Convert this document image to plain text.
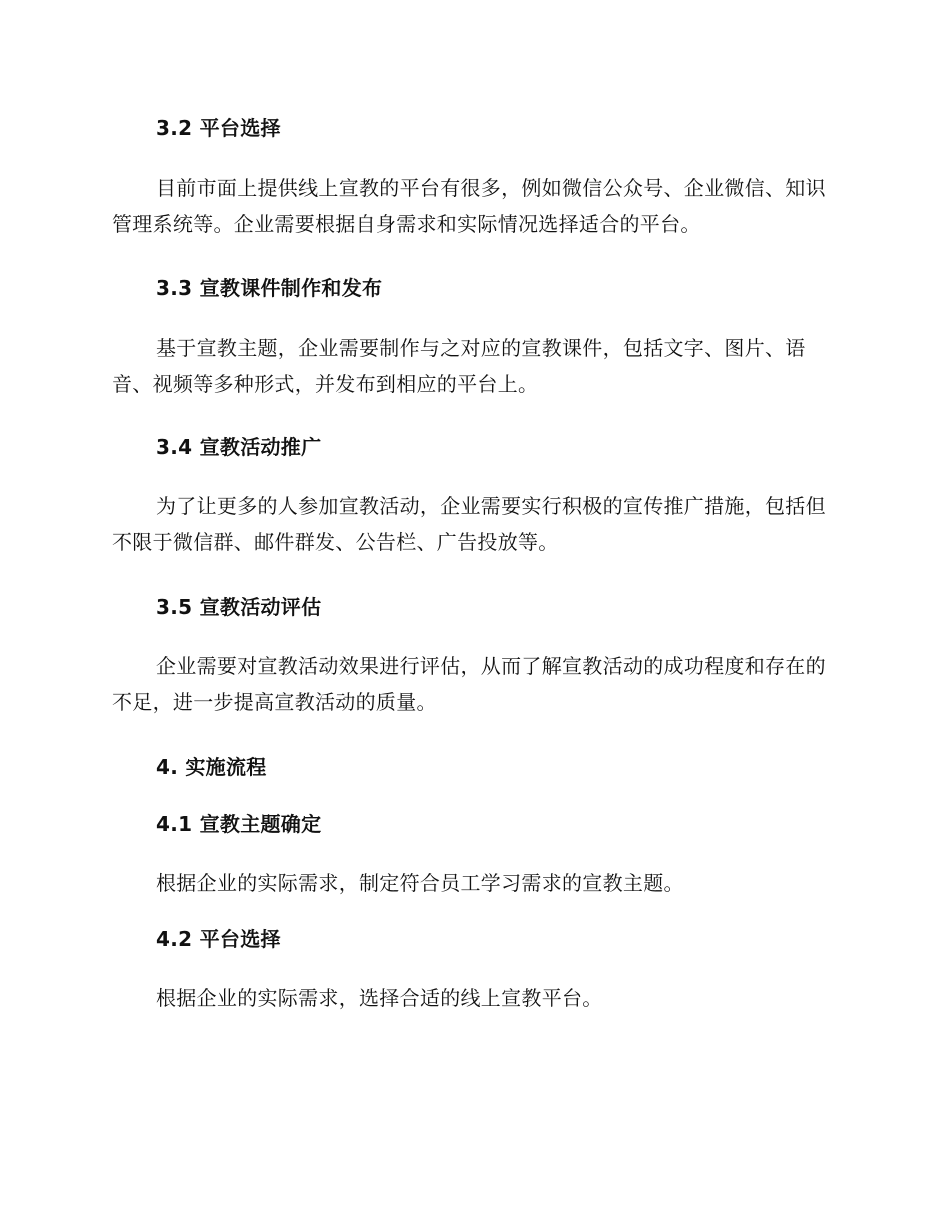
3.2 平台选择
目前市面上提供线上宣教的平台有很多，例如微信公众号、企业微信、知识管理系统等。企业需要根据自身需求和实际情况选择适合的平台。
3.3 宣教课件制作和发布
基于宣教主题，企业需要制作与之对应的宣教课件，包括文字、图片、语音、视频等多种形式，并发布到相应的平台上。
3.4 宣教活动推广
为了让更多的人参加宣教活动，企业需要实行积极的宣传推广措施，包括但不限于微信群、邮件群发、公告栏、广告投放等。
3.5 宣教活动评估
企业需要对宣教活动效果进行评估，从而了解宣教活动的成功程度和存在的不足，进一步提高宣教活动的质量。
4. 实施流程
4.1 宣教主题确定
根据企业的实际需求，制定符合员工学习需求的宣教主题。
4.2 平台选择
根据企业的实际需求，选择合适的线上宣教平台。
